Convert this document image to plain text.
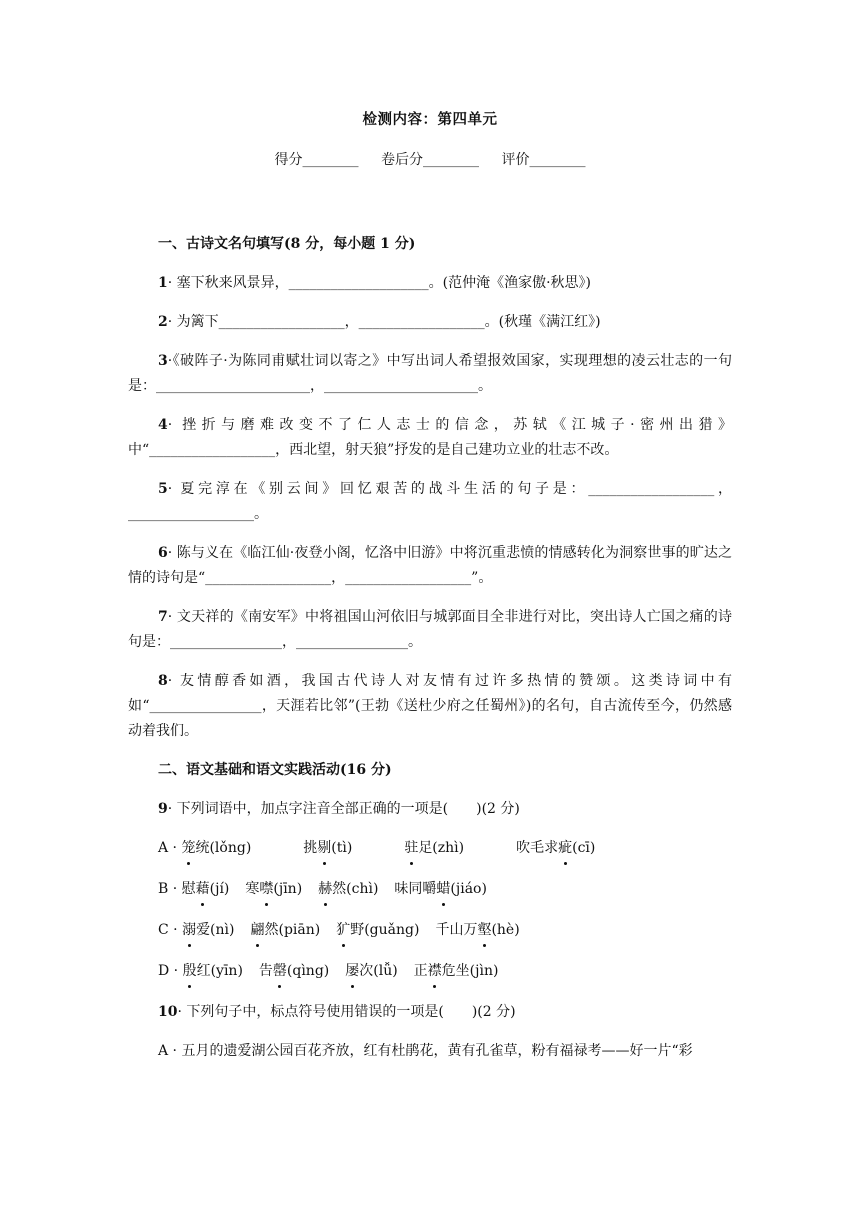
检测内容：第四单元
得分________ 卷后分________ 评价________
一、古诗文名句填写(8 分，每小题 1 分)
1· 塞下秋来风景异，____________________。(范仲淹《渔家傲·秋思》)
2· 为篱下__________________，__________________。(秋瑾《满江红》)
3·《破阵子·为陈同甫赋壮词以寄之》中写出词人希望报效国家，实现理想的凌云壮志的一句是：______________________，______________________。
4· 挫折与磨难改变不了仁人志士的信念，苏轼《江城子·密州出猎》中“__________________，西北望，射天狼”抒发的是自己建功立业的壮志不改。
5· 夏完淳在《别云间》回忆艰苦的战斗生活的句子是：__________________，__________________。
6· 陈与义在《临江仙·夜登小阁，忆洛中旧游》中将沉重悲愤的情感转化为洞察世事的旷达之情的诗句是“__________________，__________________”。
7· 文天祥的《南安军》中将祖国山河依旧与城郭面目全非进行对比，突出诗人亡国之痛的诗句是：________________，________________。
8· 友情醇香如酒，我国古代诗人对友情有过许多热情的赞颂。这类诗词中有如“________________，天涯若比邻”(王勃《送杜少府之任蜀州》)的名句，自古流传至今，仍然感动着我们。
二、语文基础和语文实践活动(16 分)
9· 下列词语中，加点字注音全部正确的一项是(　　)(2 分)
A · 笼统(lǒng)	挑剔(tì)	驻足(zhì)	吹毛求疵(cī)
B · 慰藉(jí) 寒噤(jīn) 赫然(chì) 味同嚼蜡(jiáo)
C · 溺爱(nì) 翩然(piān) 犷野(guǎng) 千山万壑(hè)
D · 殷红(yīn) 告罄(qìng) 屡次(lǚ) 正襟危坐(jìn)
10· 下列句子中，标点符号使用错误的一项是(　　)(2 分)
A · 五月的遗爱湖公园百花齐放，红有杜鹃花，黄有孔雀草，粉有福禄考——好一片“彩
